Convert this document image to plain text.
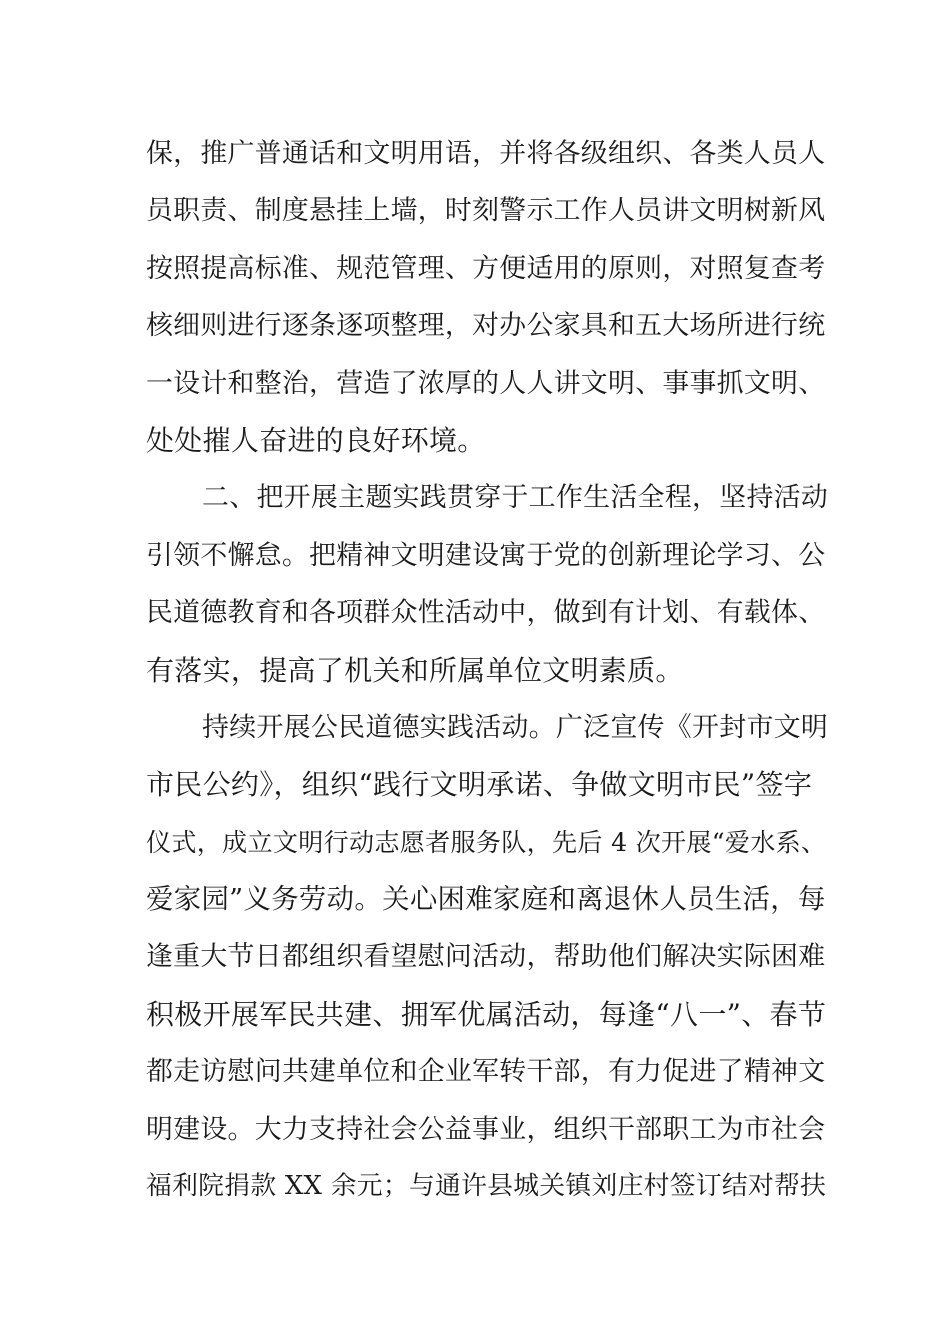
保，推广普通话和文明用语，并将各级组织、各类人员人
员职责、制度悬挂上墙，时刻警示工作人员讲文明树新风
按照提高标准、规范管理、方便适用的原则，对照复查考
核细则进行逐条逐项整理，对办公家具和五大场所进行统
一设计和整治，营造了浓厚的人人讲文明、事事抓文明、
处处摧人奋进的良好环境。
二、把开展主题实践贯穿于工作生活全程，坚持活动
引领不懈怠。把精神文明建设寓于党的创新理论学习、公
民道德教育和各项群众性活动中，做到有计划、有载体、
有落实，提高了机关和所属单位文明素质。
持续开展公民道德实践活动。广泛宣传《开封市文明
市民公约》，组织“践行文明承诺、争做文明市民”签字
仪式，成立文明行动志愿者服务队，先后 4 次开展“爱水系、
爱家园”义务劳动。关心困难家庭和离退休人员生活，每
逢重大节日都组织看望慰问活动，帮助他们解决实际困难
积极开展军民共建、拥军优属活动，每逢“八一”、春节
都走访慰问共建单位和企业军转干部，有力促进了精神文
明建设。大力支持社会公益事业，组织干部职工为市社会
福利院捐款 XX 余元；与通许县城关镇刘庄村签订结对帮扶
